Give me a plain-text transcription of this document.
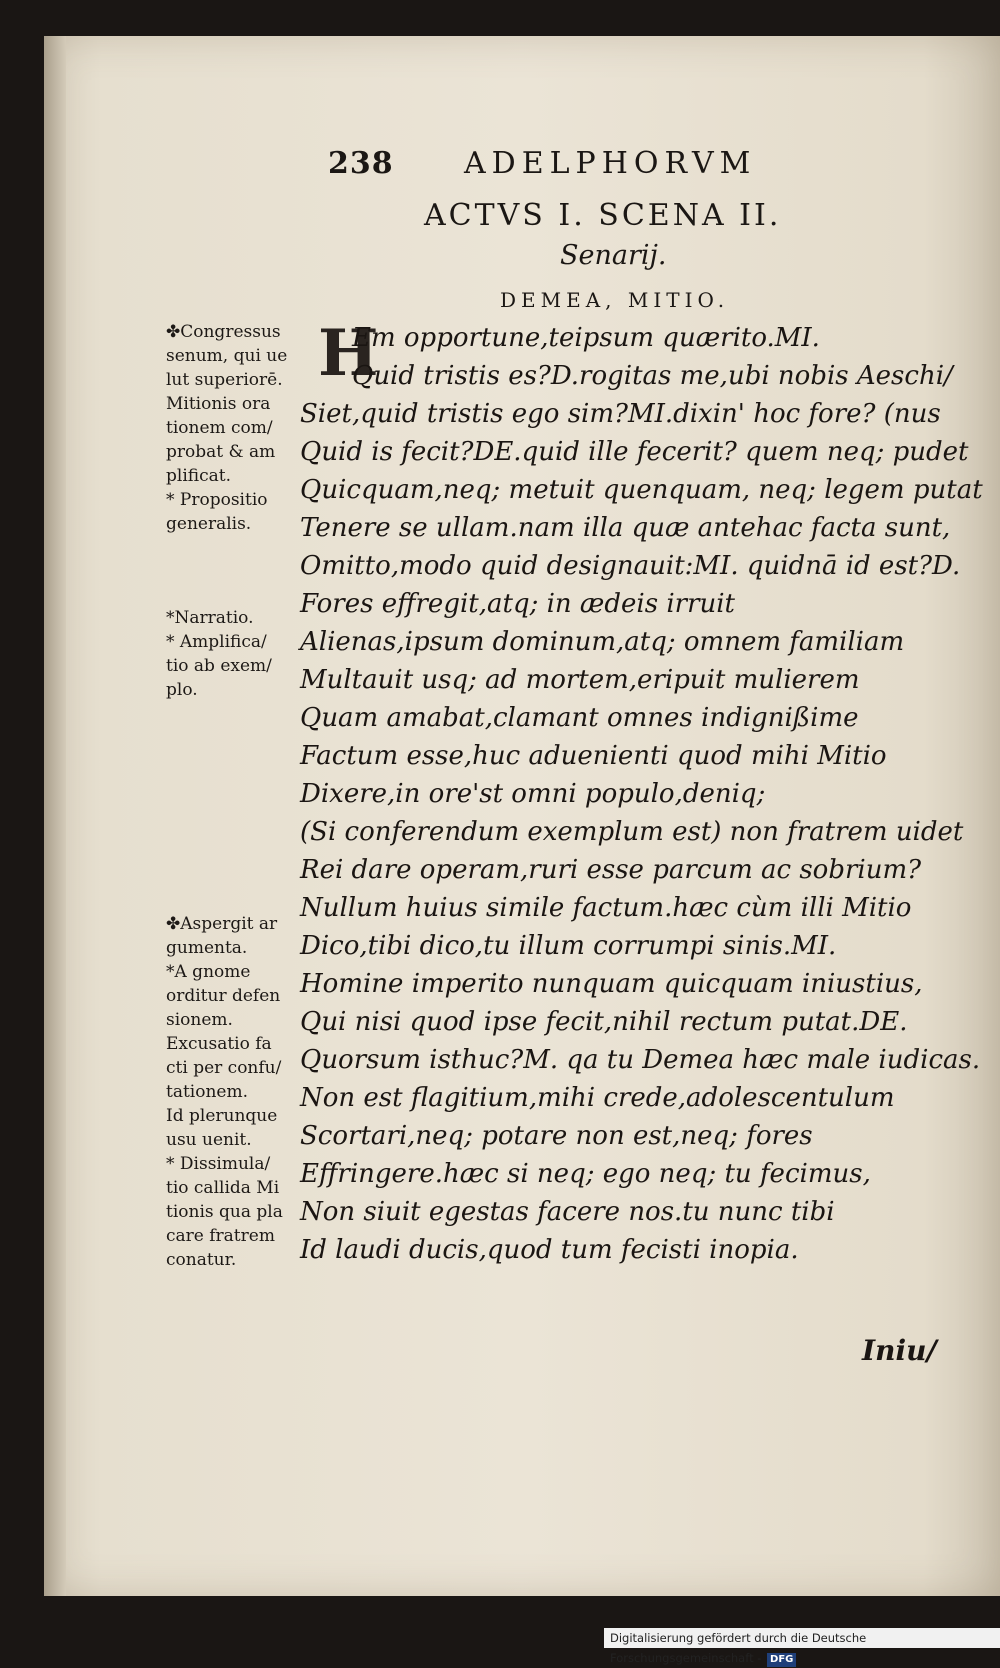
238 ADELPHORVM
ACTVS I. SCENA II.
Senarij.
DEMEA, MITIO.
H
Em opportune,teipsum quærito.MI.
Quid tristis es?D.rogitas me,ubi nobis Aeschi/
Siet,quid tristis ego sim?MI.dixin' hoc fore? (nus
Quid is fecit?DE.quid ille fecerit? quem neq; pudet
Quicquam,neq; metuit quenquam, neq; legem putat
Tenere se ullam.nam illa quæ antehac facta sunt,
Omitto,modo quid designauit:MI. quidnā id est?D.
Fores effregit,atq; in ædeis irruit
Alienas,ipsum dominum,atq; omnem familiam
Multauit usq; ad mortem,eripuit mulierem
Quam amabat,clamant omnes indignißime
Factum esse,huc aduenienti quod mihi Mitio
Dixere,in ore'st omni populo,deniq;
(Si conferendum exemplum est) non fratrem uidet
Rei dare operam,ruri esse parcum ac sobrium?
Nullum huius simile factum.hæc cùm illi Mitio
Dico,tibi dico,tu illum corrumpi sinis.MI.
Homine imperito nunquam quicquam iniustius,
Qui nisi quod ipse fecit,nihil rectum putat.DE.
Quorsum isthuc?M. qa tu Demea hæc male iudicas.
Non est flagitium,mihi crede,adolescentulum
Scortari,neq; potare non est,neq; fores
Effringere.hæc si neq; ego neq; tu fecimus,
Non siuit egestas facere nos.tu nunc tibi
Id laudi ducis,quod tum fecisti inopia.

✤Congressus
senum, qui ue
lut superiorē.
Mitionis ora
tionem com/
probat & am
plificat.

* Propositio
generalis.

*Narratio.

* Amplifica/
tio ab exem/
plo.

✤Aspergit ar
gumenta.

*A gnome
orditur defen
sionem.

Excusatio fa
cti per confu/
tationem.

Id plerunque
usu uenit.

* Dissimula/
tio callida Mi
tionis qua pla
care fratrem
conatur.

Iniu/
Digitalisierung gefördert durch die Deutsche Forschungsgemeinschaft - DFG
